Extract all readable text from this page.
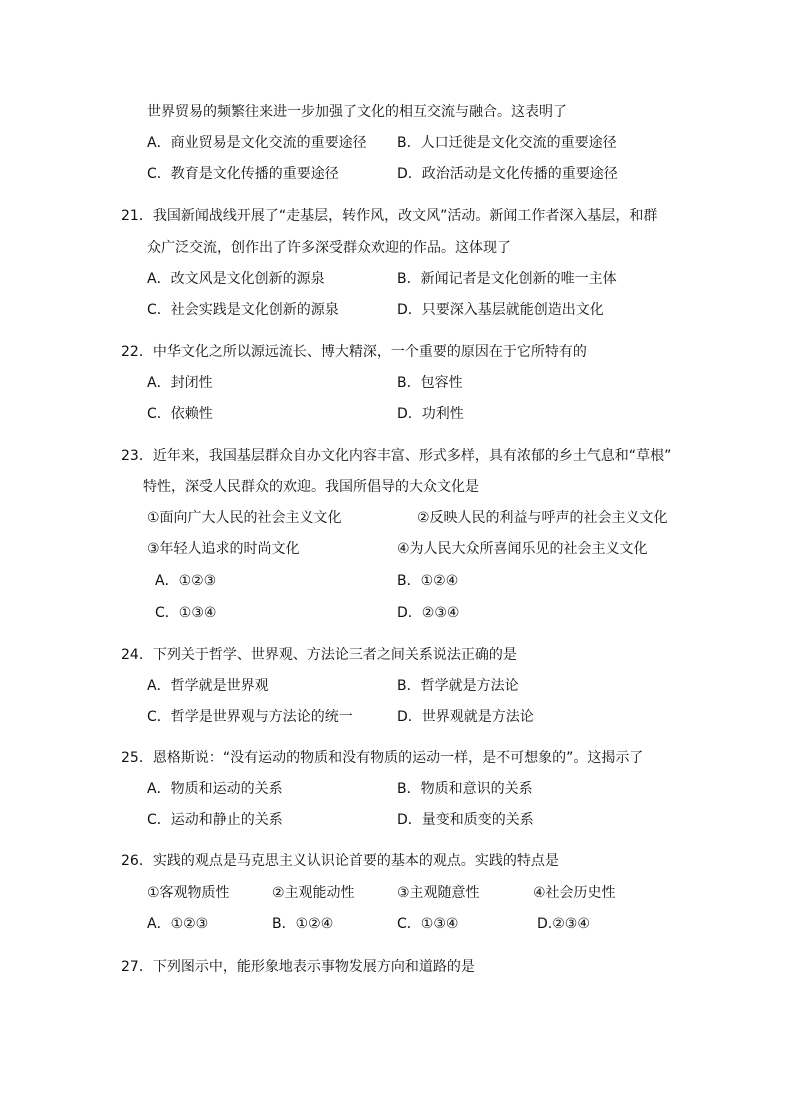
世界贸易的频繁往来进一步加强了文化的相互交流与融合。这表明了
A．商业贸易是文化交流的重要途径 B．人口迁徙是文化交流的重要途径
C．教育是文化传播的重要途径	D．政治活动是文化传播的重要途径
21．我国新闻战线开展了“走基层，转作风，改文风”活动。新闻工作者深入基层，和群
众广泛交流，创作出了许多深受群众欢迎的作品。这体现了
A．改文风是文化创新的源泉	B．新闻记者是文化创新的唯一主体
C．社会实践是文化创新的源泉	D．只要深入基层就能创造出文化
22．中华文化之所以源远流长、博大精深，一个重要的原因在于它所特有的
A．封闭性	B．包容性
C．依赖性	D．功利性
23．近年来，我国基层群众自办文化内容丰富、形式多样，具有浓郁的乡土气息和“草根”
特性，深受人民群众的欢迎。我国所倡导的大众文化是
①面向广大人民的社会主义文化	②反映人民的利益与呼声的社会主义文化
③年轻人追求的时尚文化	④为人民大众所喜闻乐见的社会主义文化
A．①②③	B．①②④
C．①③④	D．②③④
24．下列关于哲学、世界观、方法论三者之间关系说法正确的是
A．哲学就是世界观	B．哲学就是方法论
C．哲学是世界观与方法论的统一	D．世界观就是方法论
25．恩格斯说：“没有运动的物质和没有物质的运动一样，是不可想象的”。这揭示了
A．物质和运动的关系	B．物质和意识的关系
C．运动和静止的关系	D．量变和质变的关系
26．实践的观点是马克思主义认识论首要的基本的观点。实践的特点是
①客观物质性	②主观能动性	③主观随意性	④社会历史性
A．①②③	B．①②④	C．①③④	D.②③④
27．下列图示中，能形象地表示事物发展方向和道路的是
